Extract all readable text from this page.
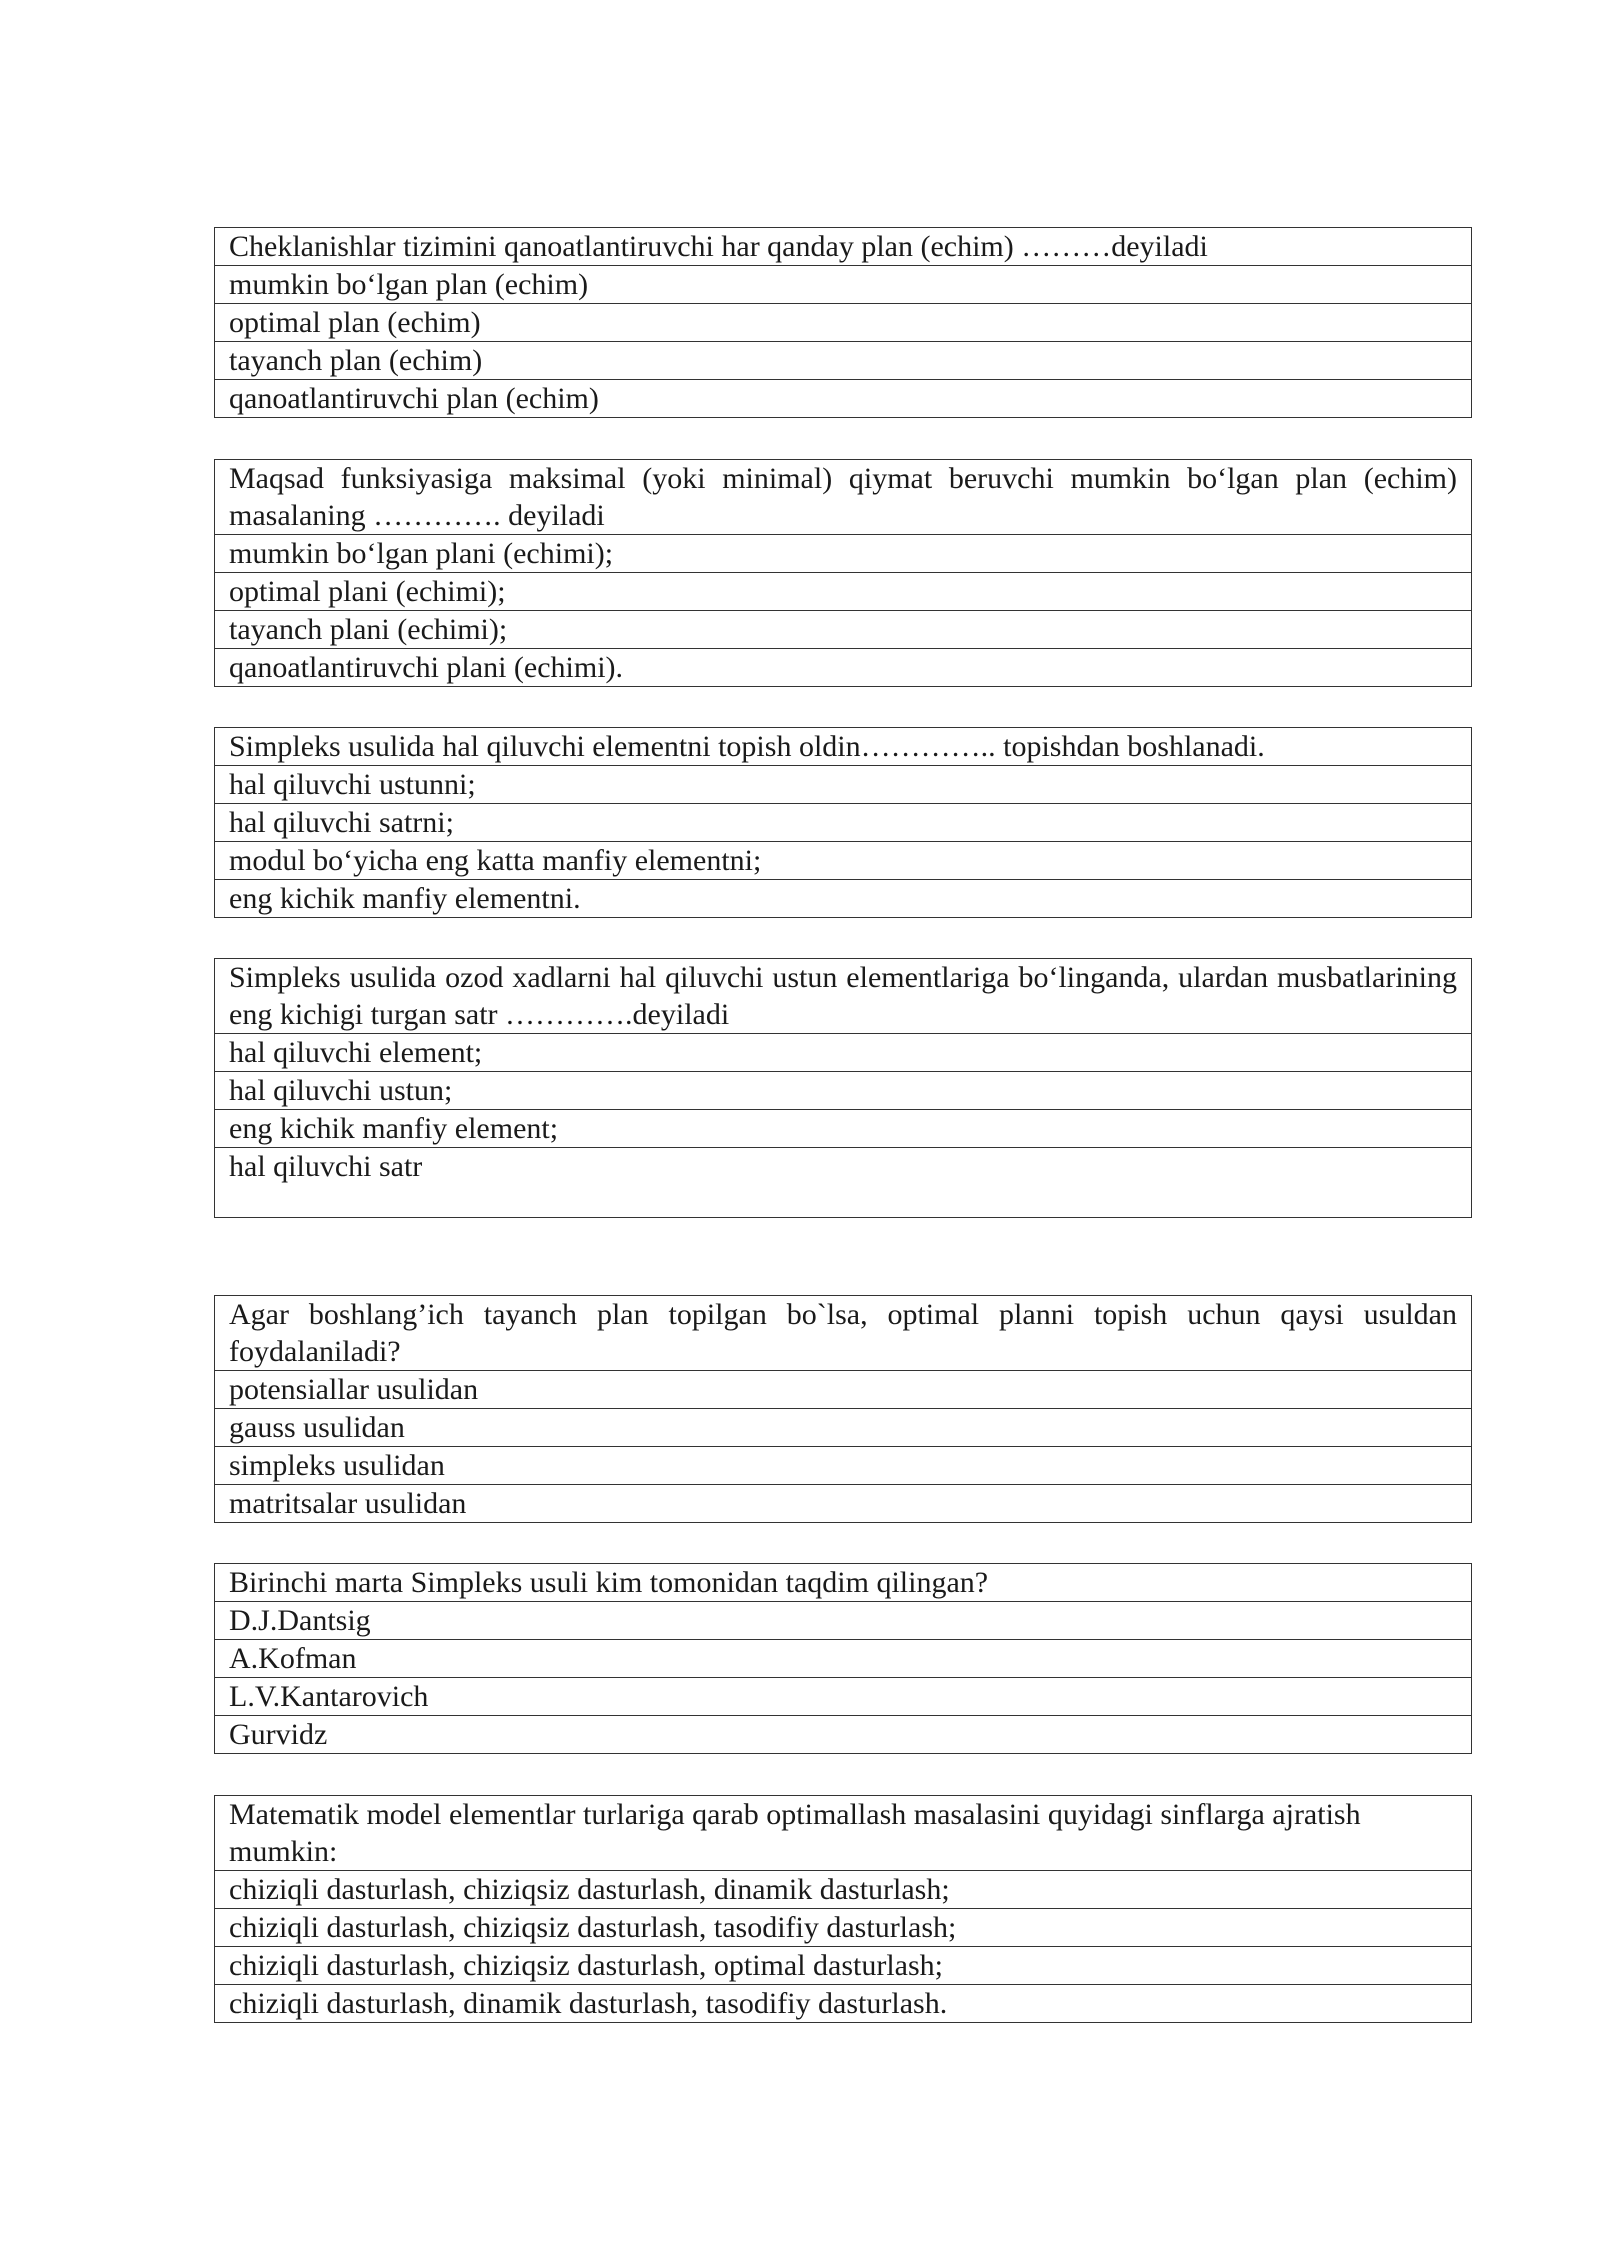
Cheklanishlar tizimini qanoatlantiruvchi har qanday plan (echim) ………deyiladi
mumkin bo‘lgan plan (echim)
optimal plan (echim)
tayanch plan (echim)
qanoatlantiruvchi plan (echim)
Maqsad funksiyasiga maksimal (yoki minimal) qiymat beruvchi mumkin bo‘lgan plan (echim) masalaning …………. deyiladi
mumkin bo‘lgan plani (echimi);
optimal plani (echimi);
tayanch plani (echimi);
qanoatlantiruvchi plani (echimi).
Simpleks usulida hal qiluvchi elementni topish oldin………….. topishdan boshlanadi.
hal qiluvchi ustunni;
hal qiluvchi satrni;
modul bo‘yicha eng katta manfiy elementni;
eng kichik manfiy elementni.
Simpleks usulida ozod xadlarni hal qiluvchi ustun elementlariga bo‘linganda, ulardan musbatlarining eng kichigi turgan satr ………….deyiladi
hal qiluvchi element;
hal qiluvchi ustun;
eng kichik manfiy element;
hal qiluvchi satr
Agar boshlang’ich tayanch plan topilgan bo`lsa, optimal planni topish uchun qaysi usuldan foydalaniladi?
potensiallar usulidan
gauss usulidan
simpleks usulidan
matritsalar usulidan
Birinchi marta Simpleks usuli kim tomonidan taqdim qilingan?
D.J.Dantsig
A.Kofman
L.V.Kantarovich
Gurvidz
Matematik model elementlar turlariga qarab optimallash masalasini quyidagi sinflarga ajratish mumkin:
chiziqli dasturlash, chiziqsiz dasturlash, dinamik dasturlash;
chiziqli dasturlash, chiziqsiz dasturlash, tasodifiy dasturlash;
chiziqli dasturlash, chiziqsiz dasturlash, optimal dasturlash;
chiziqli dasturlash, dinamik dasturlash, tasodifiy dasturlash.
